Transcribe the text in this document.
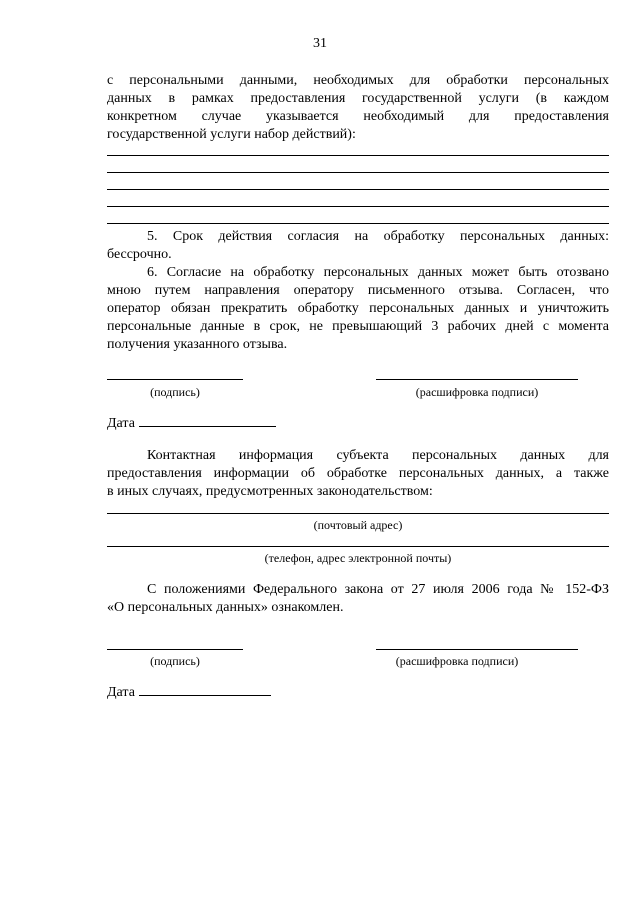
31
с персональными данными, необходимых для обработки персональных
данных в рамках предоставления государственной услуги (в каждом
конкретном случае указывается необходимый для предоставления
государственной услуги набор действий):
5. Срок действия согласия на обработку персональных данных:
бессрочно.
6. Согласие на обработку персональных данных может быть отозвано
мною путем направления оператору письменного отзыва. Согласен, что
оператор обязан прекратить обработку персональных данных и уничтожить
персональные данные в срок, не превышающий 3 рабочих дней с момента
получения указанного отзыва.
(подпись)	(расшифровка подписи)
Дата
Контактная информация субъекта персональных данных для
предоставления информации об обработке персональных данных, а также
в иных случаях, предусмотренных законодательством:
(почтовый адрес)
(телефон, адрес электронной почты)
С положениями Федерального закона от 27 июля 2006 года № 152-ФЗ
«О персональных данных» ознакомлен.
(подпись)	(расшифровка подписи)
Дата
